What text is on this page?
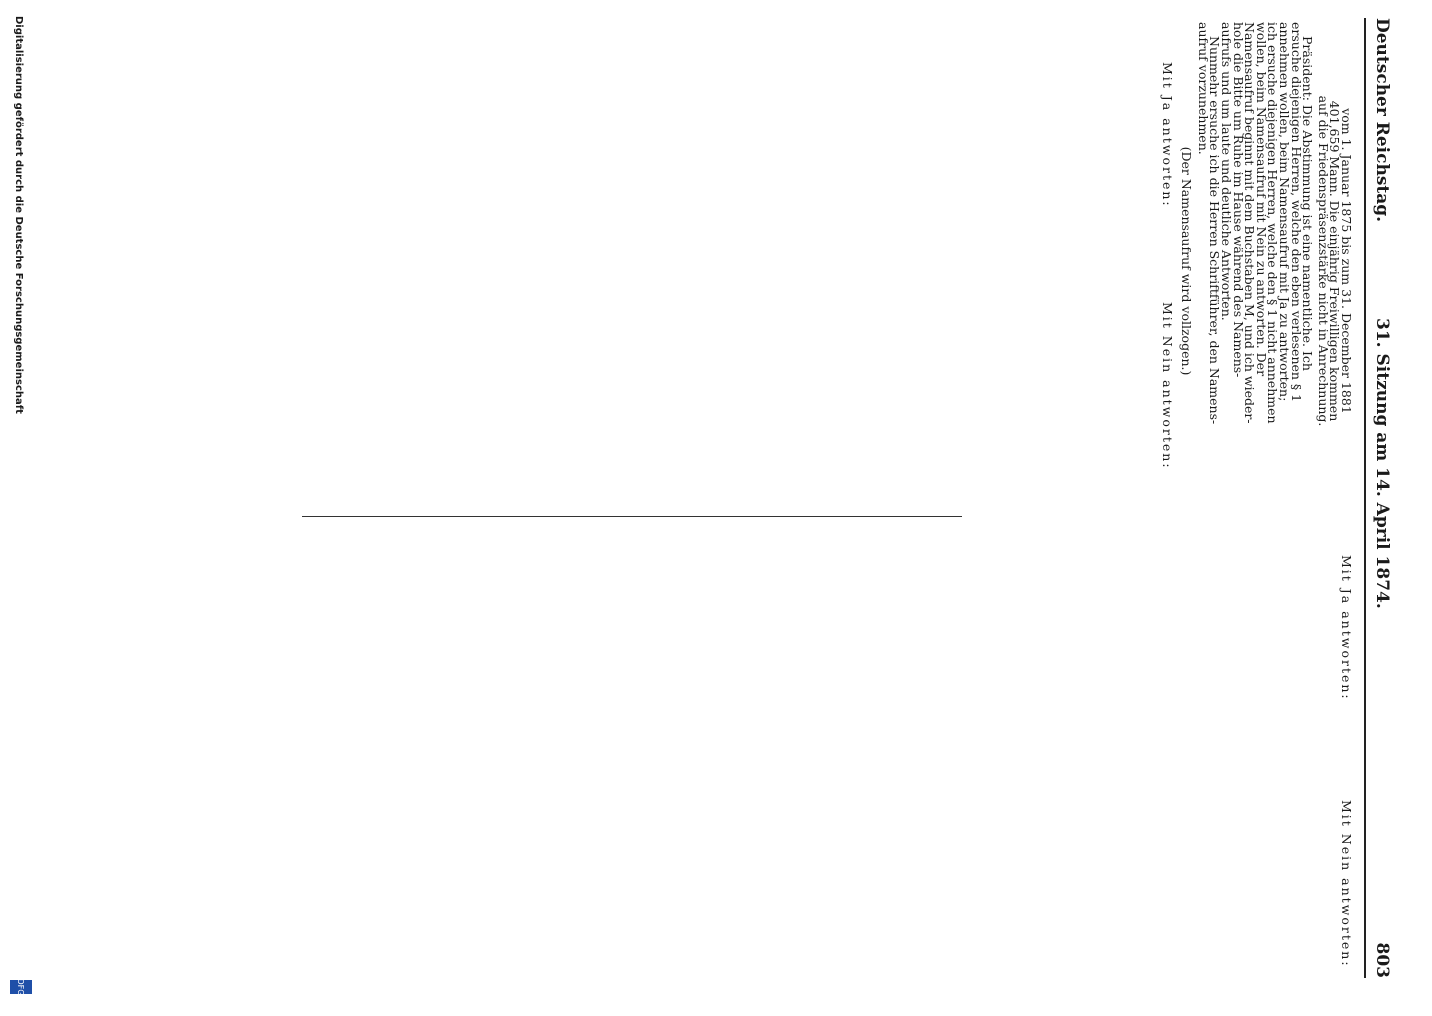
Deutscher Reichstag.
31. Sitzung am 14. April 1874.
803
vom 1. Januar 1875 bis zum 31. December 1881
401,659 Mann. Die einjährig Freiwilligen kommen
auf die Friedenspräsenzstärke nicht in Anrechnung.
Präsident: Die Abstimmung ist eine namentliche. Ich
ersuche diejenigen Herren, welche den eben verlesenen § 1
annehmen wollen, beim Namensaufruf mit Ja zu antworten;
ich ersuche diejenigen Herren, welche den § 1 nicht annehmen
wollen, beim Namensaufruf mit Nein zu antworten. Der
Namensaufruf beginnt mit dem Buchstaben M, und ich wieder-
hole die Bitte um Ruhe im Hause während des Namens-
aufrufs und um laute und deutliche Antworten.
Nunmehr ersuche ich die Herren Schriftführer, den Namens-
aufruf vorzunehmen.
(Der Namensaufruf wird vollzogen.)
Mit Ja antworten:
Mit Nein antworten:

Mit Ja antworten:
Mit Nein antworten:

Digitalisierung gefördert durch die Deutsche Forschungsgemeinschaft
DFG
